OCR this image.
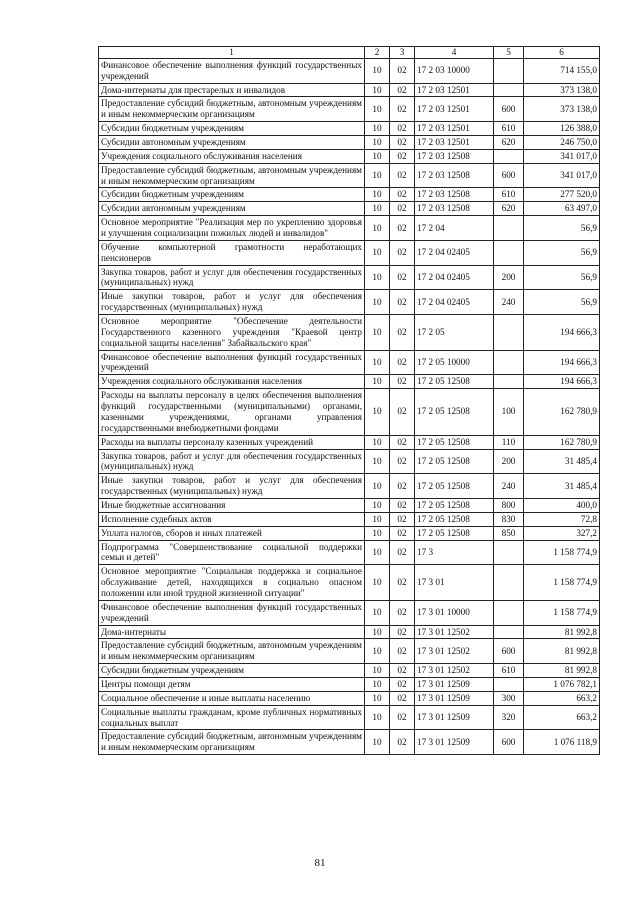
1	2	3	4	5	6
Финансовое обеспечение выполнения функций государственных учреждений	10	02	17 2 03 10000		714 155,0
Дома-интернаты для престарелых и инвалидов	10	02	17 2 03 12501		373 138,0
Предоставление субсидий бюджетным, автономным учреждениям и иным некоммерческим организациям	10	02	17 2 03 12501	600	373 138,0
Субсидии бюджетным учреждениям	10	02	17 2 03 12501	610	126 388,0
Субсидии автономным учреждениям	10	02	17 2 03 12501	620	246 750,0
Учреждения социального обслуживания населения	10	02	17 2 03 12508		341 017,0
Предоставление субсидий бюджетным, автономным учреждениям и иным некоммерческим организациям	10	02	17 2 03 12508	600	341 017,0
Субсидии бюджетным учреждениям	10	02	17 2 03 12508	610	277 520,0
Субсидии автономным учреждениям	10	02	17 2 03 12508	620	63 497,0
Основное мероприятие "Реализация мер по укреплению здоровья и улучшения социализации пожилых людей и инвалидов"	10	02	17 2 04		56,9
Обучение компьютерной грамотности неработающих пенсионеров	10	02	17 2 04 02405		56,9
Закупка товаров, работ и услуг для обеспечения государственных (муниципальных) нужд	10	02	17 2 04 02405	200	56,9
Иные закупки товаров, работ и услуг для обеспечения государственных (муниципальных) нужд	10	02	17 2 04 02405	240	56,9
Основное мероприятие "Обеспечение деятельности Государственного казенного учреждения "Краевой центр социальной защиты населения" Забайкальского края"	10	02	17 2 05		194 666,3
Финансовое обеспечение выполнения функций государственных учреждений	10	02	17 2 05 10000		194 666,3
Учреждения социального обслуживания населения	10	02	17 2 05 12508		194 666,3
Расходы на выплаты персоналу в целях обеспечения выполнения функций государственными (муниципальными) органами, казенными учреждениями, органами управления государственными внебюджетными фондами	10	02	17 2 05 12508	100	162 780,9
Расходы на выплаты персоналу казенных учреждений	10	02	17 2 05 12508	110	162 780,9
Закупка товаров, работ и услуг для обеспечения государственных (муниципальных) нужд	10	02	17 2 05 12508	200	31 485,4
Иные закупки товаров, работ и услуг для обеспечения государственных (муниципальных) нужд	10	02	17 2 05 12508	240	31 485,4
Иные бюджетные ассигнования	10	02	17 2 05 12508	800	400,0
Исполнение судебных актов	10	02	17 2 05 12508	830	72,8
Уплата налогов, сборов и иных платежей	10	02	17 2 05 12508	850	327,2
Подпрограмма "Совершенствование социальной поддержки семьи и детей"	10	02	17 3		1 158 774,9
Основное мероприятие "Социальная поддержка и социальное обслуживание детей, находящихся в социально опасном положении или иной трудной жизненной ситуации"	10	02	17 3 01		1 158 774,9
Финансовое обеспечение выполнения функций государственных учреждений	10	02	17 3 01 10000		1 158 774,9
Дома-интернаты	10	02	17 3 01 12502		81 992,8
Предоставление субсидий бюджетным, автономным учреждениям и иным некоммерческим организациям	10	02	17 3 01 12502	600	81 992,8
Субсидии бюджетным учреждениям	10	02	17 3 01 12502	610	81 992,8
Центры помощи детям	10	02	17 3 01 12509		1 076 782,1
Социальное обеспечение и иные выплаты населению	10	02	17 3 01 12509	300	663,2
Социальные выплаты гражданам, кроме публичных нормативных социальных выплат	10	02	17 3 01 12509	320	663,2
Предоставление субсидий бюджетным, автономным учреждениям и иным некоммерческим организациям	10	02	17 3 01 12509	600	1 076 118,9
81
